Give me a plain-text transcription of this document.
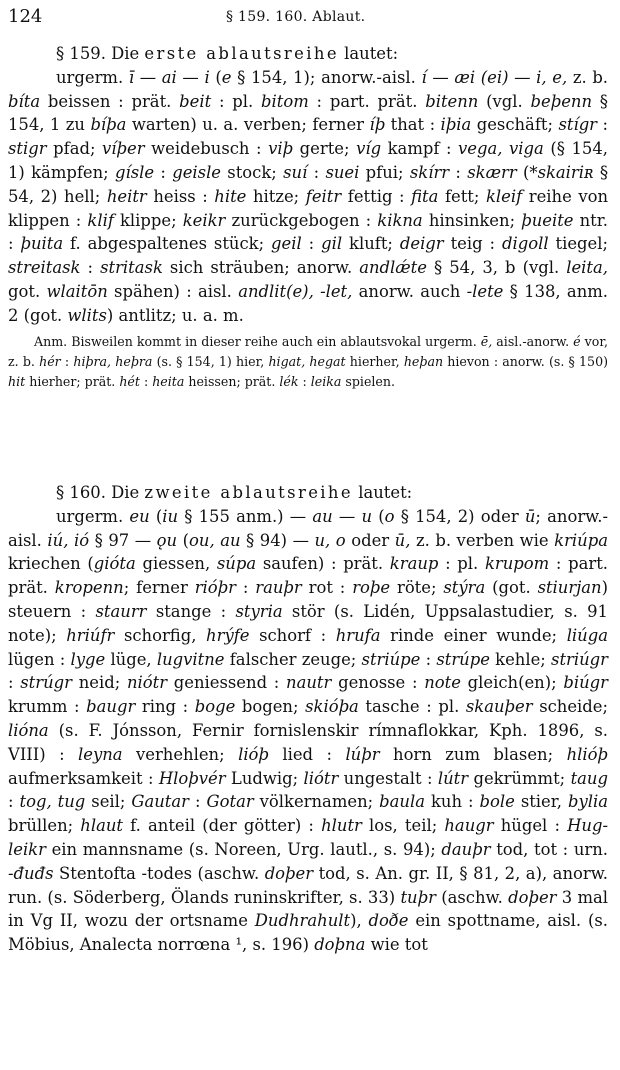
124	§ 159. 160. Ablaut.
§ 159. Die erste ablautsreihe lautet:
urgerm. ī — ai — i (e § 154, 1); anorw.-aisl. í — æi (ei) — i, e, z. b. bíta beissen : prät. beit : pl. bitom : part. prät. bitenn (vgl. beþenn § 154, 1 zu bíþa warten) u. a. verben; ferner íþ that : iþia geschäft; stígr : stigr pfad; víþer weidebusch : viþ gerte; víg kampf : vega, viga (§ 154, 1) kämpfen; gísle : geisle stock; suí : suei pfui; skírr : skærr (*skairiʀ § 54, 2) hell; heitr heiss : hite hitze; feitr fettig : fita fett; kleif reihe von klippen : klif klippe; keikr zurückgebogen : kikna hinsinken; þueite ntr. : þuita f. abgespaltenes stück; geil : gil kluft; deigr teig : digoll tiegel; streitask : stritask sich sträuben; anorw. andlǽte § 54, 3, b (vgl. leita, got. wlaitōn spähen) : aisl. andlit(e), -let, anorw. auch -lete § 138, anm. 2 (got. wlits) antlitz; u. a. m.
Anm. Bisweilen kommt in dieser reihe auch ein ablautsvokal urgerm. ē, aisl.-anorw. é vor, z. b. hér : hiþra, heþra (s. § 154, 1) hier, higat, hegat hierher, heþan hievon : anorw. (s. § 150) hit hierher; prät. hét : heita heissen; prät. lék : leika spielen.
§ 160. Die zweite ablautsreihe lautet:
urgerm. eu (iu § 155 anm.) — au — u (o § 154, 2) oder ū; anorw.-aisl. iú, ió § 97 — ǫu (ou, au § 94) — u, o oder ū, z. b. verben wie kriúpa kriechen (gióta giessen, súpa saufen) : prät. kraup : pl. krupom : part. prät. kropenn; ferner rióþr : rauþr rot : roþe röte; stýra (got. stiurjan) steuern : staurr stange : styria stör (s. Lidén, Uppsalastudier, s. 91 note); hriúfr schorfig, hrýfe schorf : hrufa rinde einer wunde; liúga lügen : lyge lüge, lugvitne falscher zeuge; striúpe : strúpe kehle; striúgr : strúgr neid; niótr geniessend : nautr genosse : note gleich(en); biúgr krumm : baugr ring : boge bogen; skióþa tasche : pl. skauþer scheide; lióna (s. F. Jónsson, Fernir fornislenskir rímnaflokkar, Kph. 1896, s. VIII) : leyna verhehlen; lióþ lied : lúþr horn zum blasen; hlióþ aufmerksamkeit : Hloþvér Ludwig; liótr ungestalt : lútr gekrümmt; taug : tog, tug seil; Gautar : Gotar völkernamen; baula kuh : bole stier, bylia brüllen; hlaut f. anteil (der götter) : hlutr los, teil; haugr hügel : Hug-leikr ein mannsname (s. Noreen, Urg. lautl., s. 94); dauþr tod, tot : urn. -đuđs Stentofta -todes (aschw. doþer tod, s. An. gr. II, § 81, 2, a), anorw. run. (s. Söderberg, Ölands runinskrifter, s. 33) tuþr (aschw. doþer 3 mal in Vg II, wozu der ortsname Dudhrahult), doðe ein spottname, aisl. (s. Möbius, Analecta norrœna ¹, s. 196) doþna wie tot
